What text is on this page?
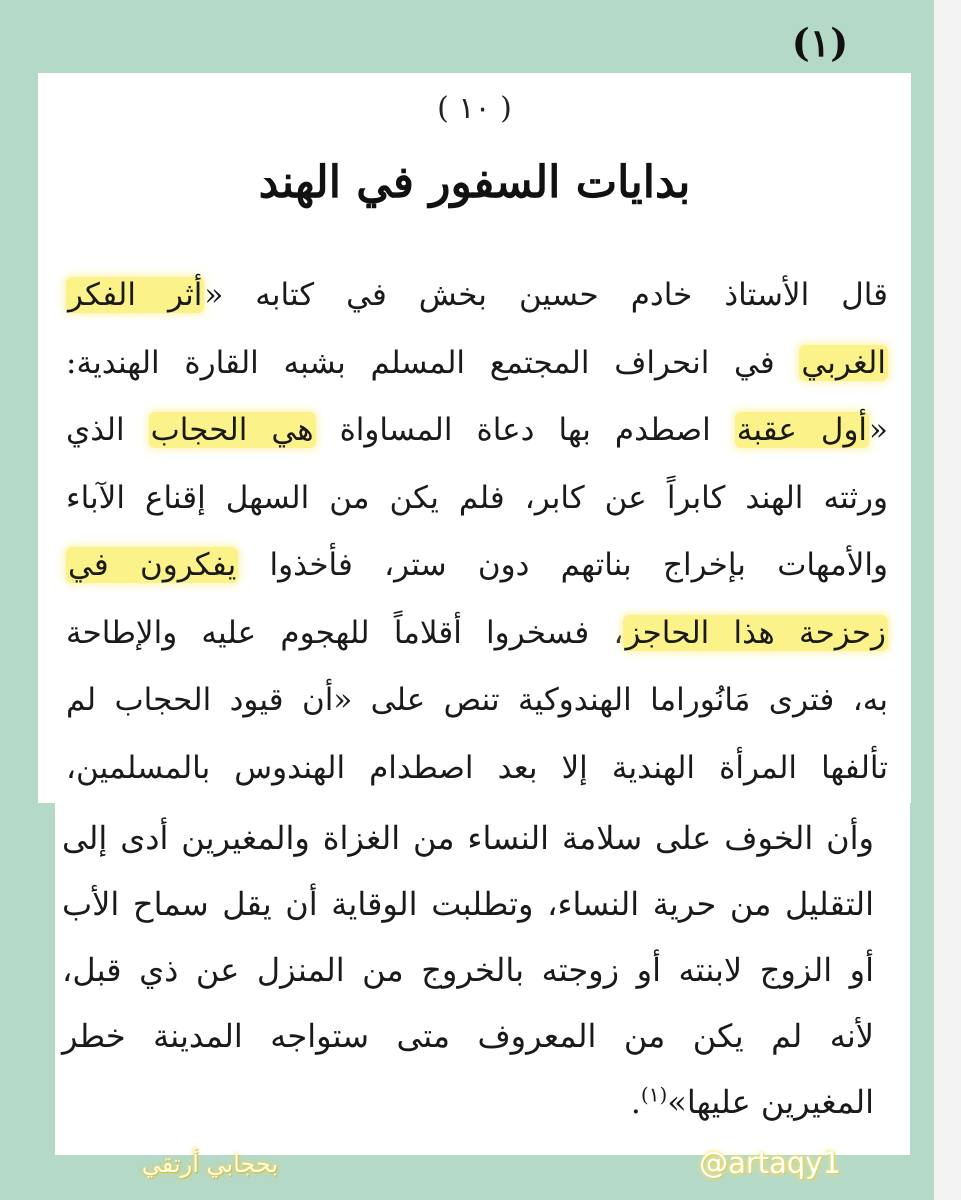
(١)
( ١٠ )
بدايات السفور في الهند
قال الأستاذ خادم حسين بخش في كتابه «أثر الفكر
الغربي في انحراف المجتمع المسلم بشبه القارة الهندية:
«أول عقبة اصطدم بها دعاة المساواة هي الحجاب الذي
ورثته الهند كابراً عن كابر، فلم يكن من السهل إقناع الآباء
والأمهات بإخراج بناتهم دون ستر، فأخذوا يفكرون في
زحزحة هذا الحاجز، فسخروا أقلاماً للهجوم عليه والإطاحة
به، فترى مَانُوراما الهندوكية تنص على «أن قيود الحجاب لم
تألفها المرأة الهندية إلا بعد اصطدام الهندوس بالمسلمين،
وأن الخوف على سلامة النساء من الغزاة والمغيرين أدى إلى
التقليل من حرية النساء، وتطلبت الوقاية أن يقل سماح الأب
أو الزوج لابنته أو زوجته بالخروج من المنزل عن ذي قبل،
لأنه لم يكن من المعروف متى ستواجه المدينة خطر
المغيرين عليها»$^{(١)}$.
@artaqy1
بحجابي أرتقي
